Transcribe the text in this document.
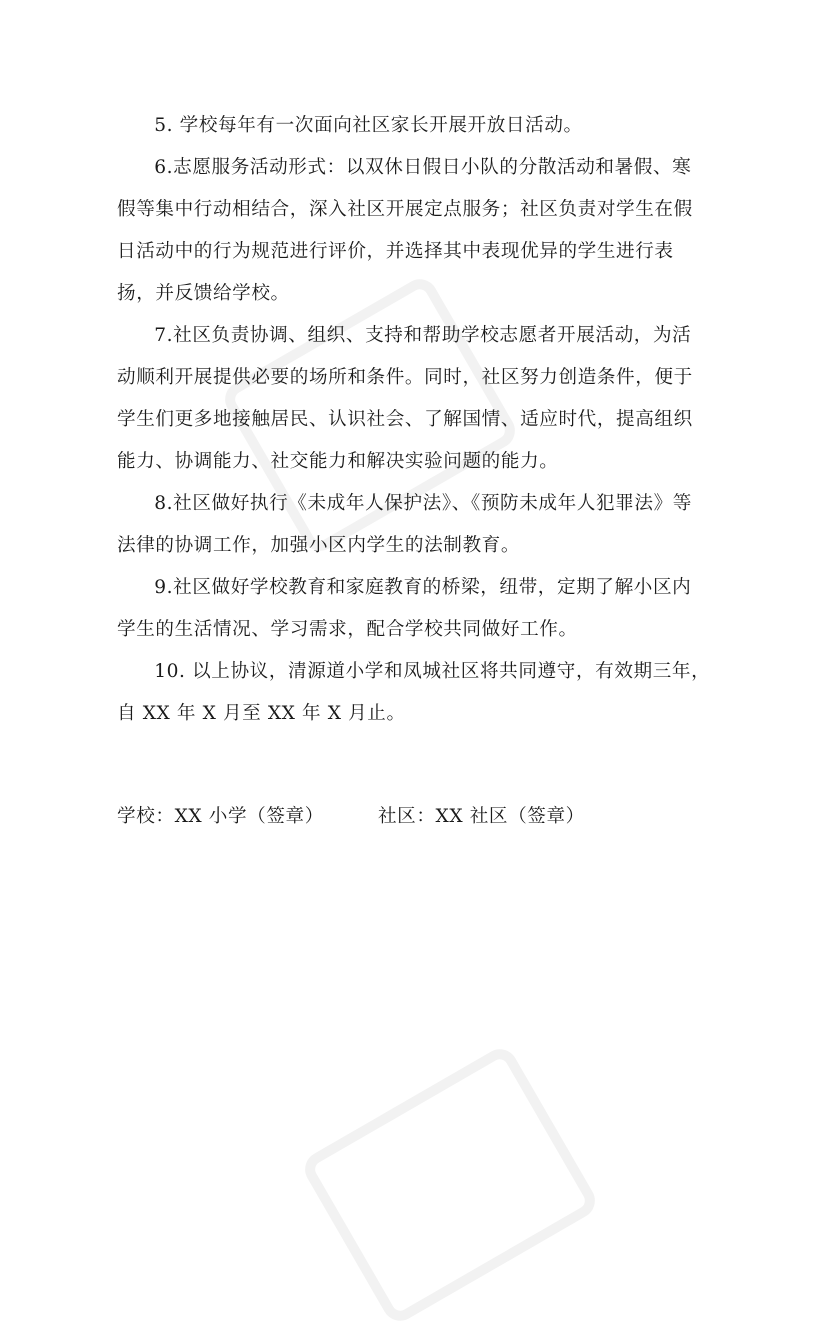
5. 学校每年有一次面向社区家长开展开放日活动。

6.志愿服务活动形式：以双休日假日小队的分散活动和暑假、寒
假等集中行动相结合，深入社区开展定点服务；社区负责对学生在假
日活动中的行为规范进行评价，并选择其中表现优异的学生进行表
扬，并反馈给学校。

7.社区负责协调、组织、支持和帮助学校志愿者开展活动，为活
动顺利开展提供必要的场所和条件。同时，社区努力创造条件，便于
学生们更多地接触居民、认识社会、了解国情、适应时代，提高组织
能力、协调能力、社交能力和解决实验问题的能力。

8.社区做好执行《未成年人保护法》、《预防未成年人犯罪法》等
法律的协调工作，加强小区内学生的法制教育。

9.社区做好学校教育和家庭教育的桥梁，纽带，定期了解小区内
学生的生活情况、学习需求，配合学校共同做好工作。

10. 以上协议，清源道小学和凤城社区将共同遵守，有效期三年，
自 XX 年 X 月至 XX 年 X 月止。

学校：XX 小学（签章）	社区：XX 社区（签章）
